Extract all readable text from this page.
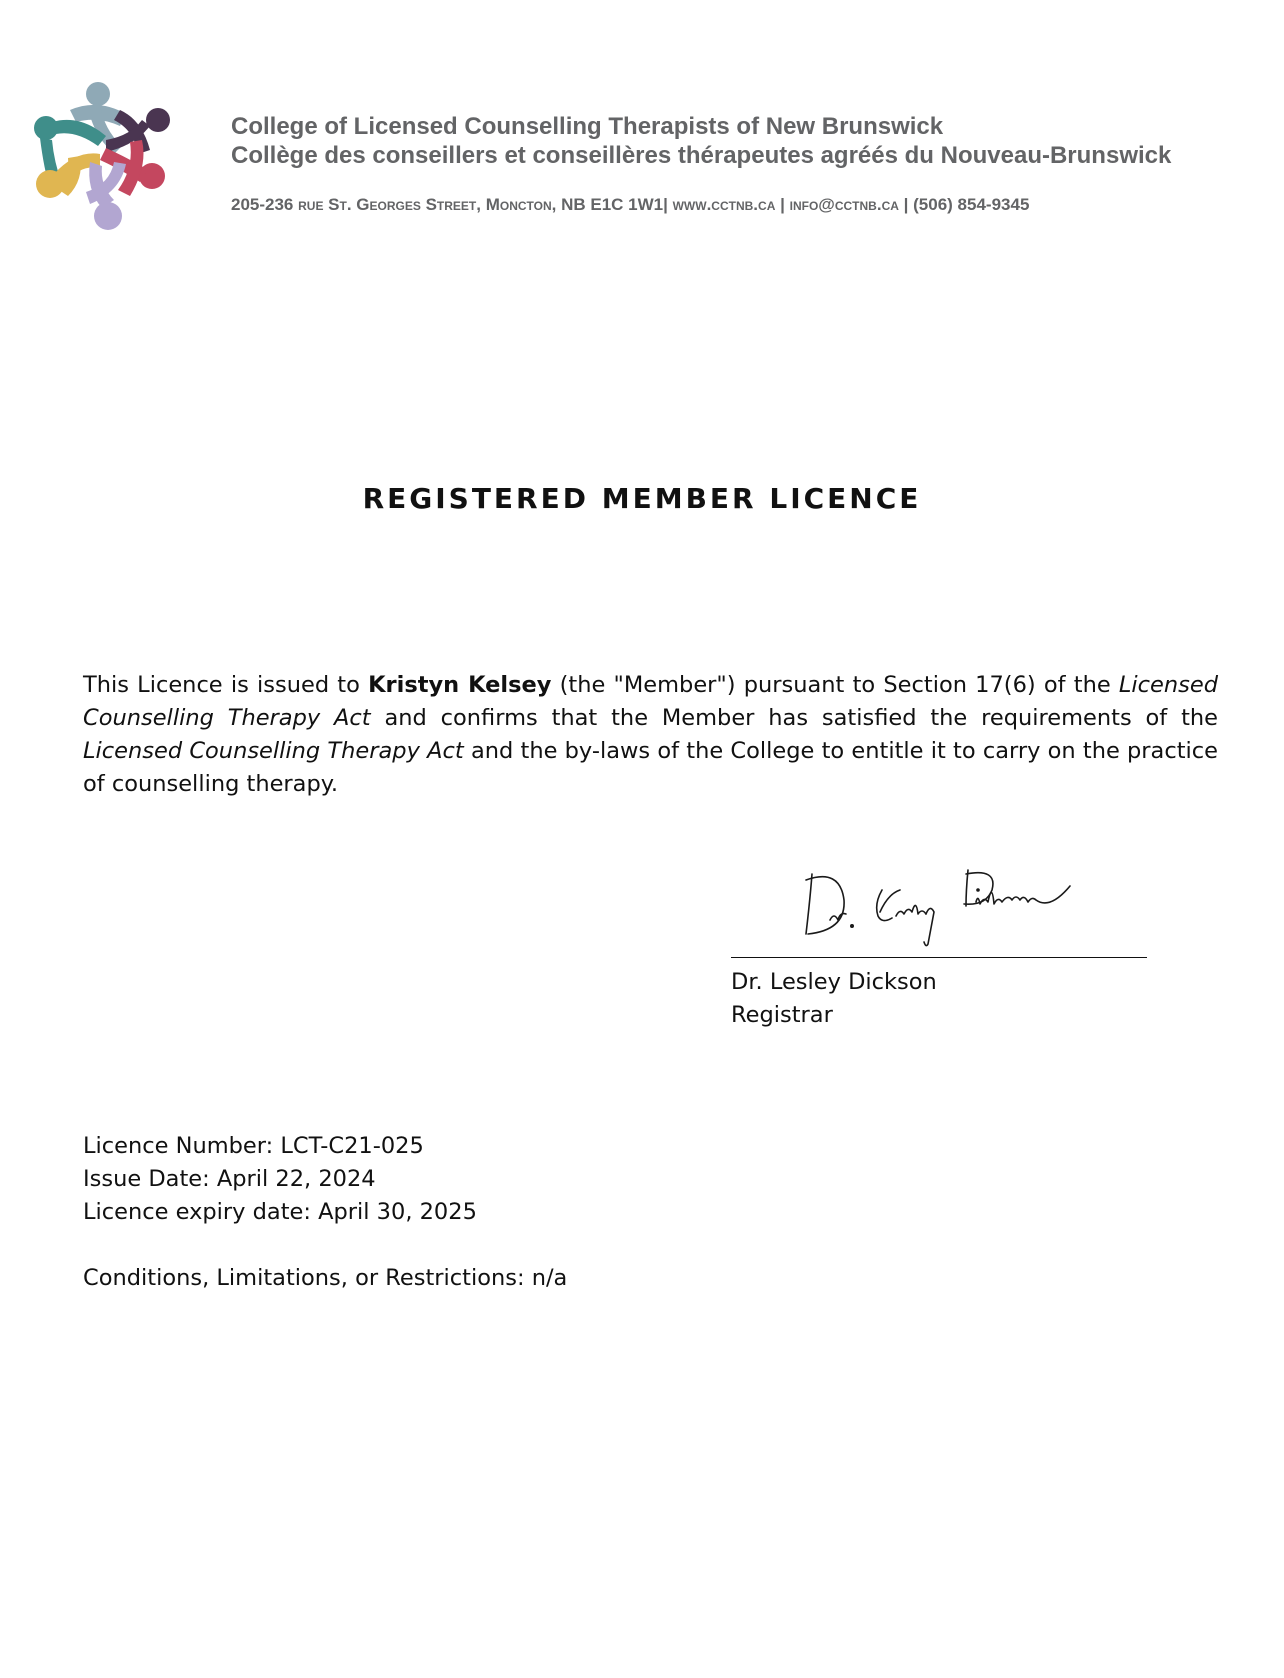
College of Licensed Counselling Therapists of New Brunswick
Collège des conseillers et conseillères thérapeutes agréés du Nouveau-Brunswick
205-236 rue St. Georges Street, Moncton, NB E1C 1W1| www.cctnb.ca | info@cctnb.ca | (506) 854-9345
REGISTERED MEMBER LICENCE
This Licence is issued to Kristyn Kelsey (the "Member") pursuant to Section 17(6) of the Licensed Counselling Therapy Act and confirms that the Member has satisfied the requirements of the Licensed Counselling Therapy Act and the by-laws of the College to entitle it to carry on the practice of counselling therapy.
Dr. Lesley Dickson
Registrar
Licence Number: LCT-C21-025
Issue Date: April 22, 2024
Licence expiry date: April 30, 2025
Conditions, Limitations, or Restrictions: n/a
